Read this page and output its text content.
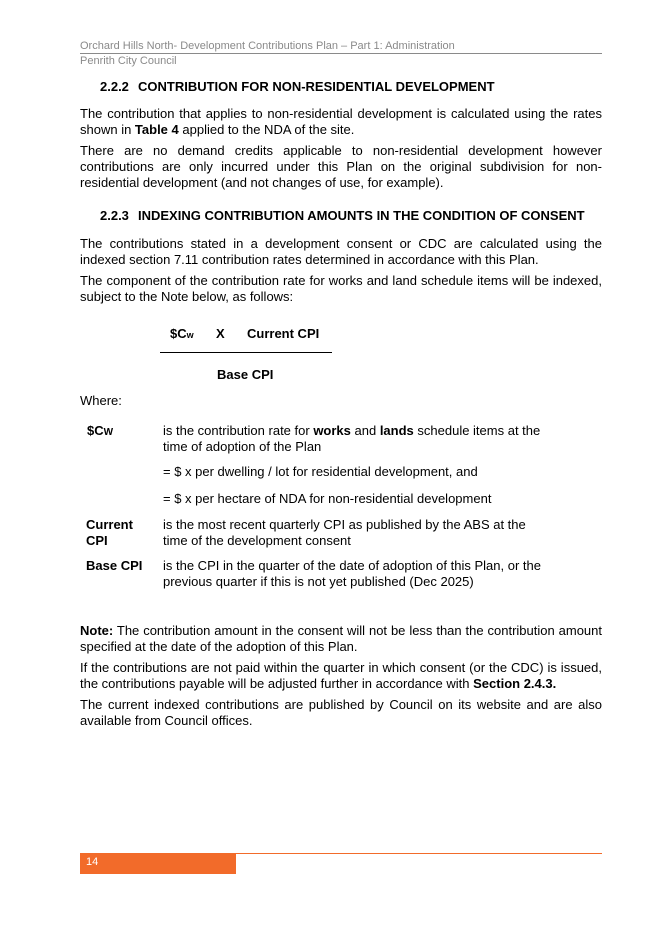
Orchard Hills North- Development Contributions Plan – Part 1: Administration
Penrith City Council
2.2.2 CONTRIBUTION FOR NON-RESIDENTIAL DEVELOPMENT
The contribution that applies to non-residential development is calculated using the rates shown in Table 4 applied to the NDA of the site.
There are no demand credits applicable to non-residential development however contributions are only incurred under this Plan on the original subdivision for non-residential development (and not changes of use, for example).
2.2.3 INDEXING CONTRIBUTION AMOUNTS IN THE CONDITION OF CONSENT
The contributions stated in a development consent or CDC are calculated using the indexed section 7.11 contribution rates determined in accordance with this Plan.
The component of the contribution rate for works and land schedule items will be indexed, subject to the Note below, as follows:
$Cw X Current CPI
Base CPI
Where:
$CW	is the contribution rate for works and lands schedule items at the time of adoption of the Plan
= $ x per dwelling / lot for residential development, and
= $ x per hectare of NDA for non-residential development
Current
CPI
is the most recent quarterly CPI as published by the ABS at the time of the development consent
Base CPI is the CPI in the quarter of the date of adoption of this Plan, or the previous quarter if this is not yet published (Dec 2025)
Note: The contribution amount in the consent will not be less than the contribution amount specified at the date of the adoption of this Plan.
If the contributions are not paid within the quarter in which consent (or the CDC) is issued, the contributions payable will be adjusted further in accordance with Section 2.4.3.
The current indexed contributions are published by Council on its website and are also available from Council offices.
14
